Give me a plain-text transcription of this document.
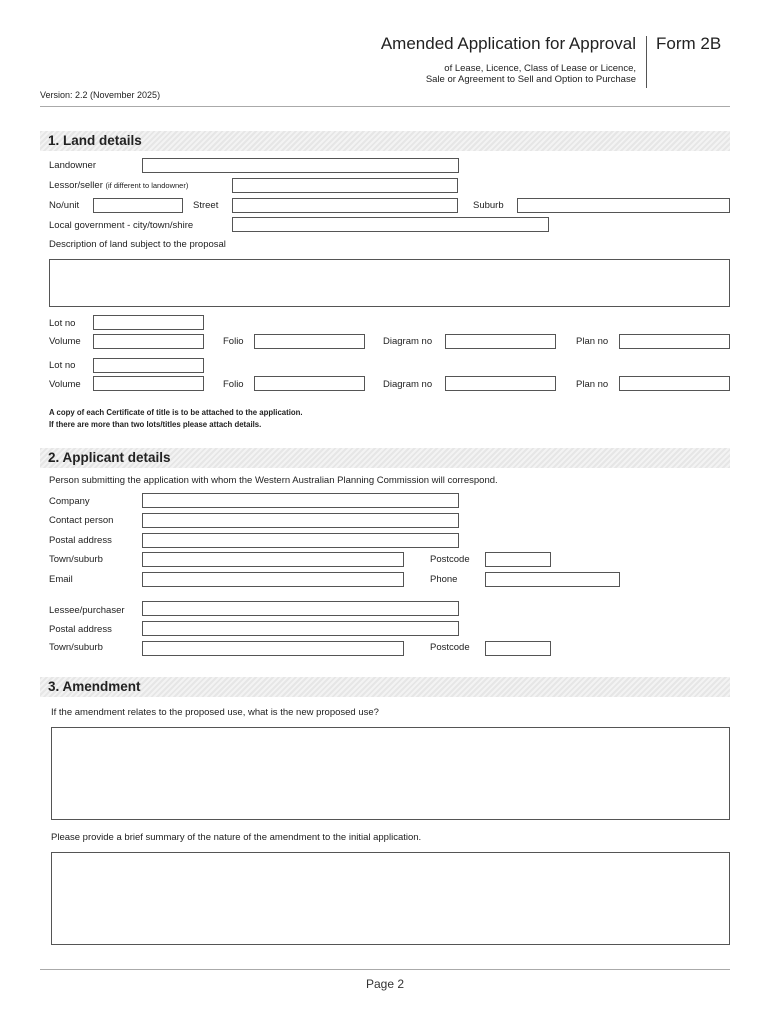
Amended Application for Approval Form 2B
of Lease, Licence, Class of Lease or Licence,
Sale or Agreement to Sell and Option to Purchase
Version: 2.2 (November 2025)
1. Land details
Landowner
Lessor/seller (if different to landowner)
No/unit	Street	Suburb
Local government - city/town/shire
Description of land subject to the proposal
Lot no
Volume	Folio	Diagram no	Plan no
Lot no
Volume	Folio	Diagram no	Plan no
A copy of each Certificate of title is to be attached to the application.
If there are more than two lots/titles please attach details.
2. Applicant details
Person submitting the application with whom the Western Australian Planning Commission will correspond.
Company
Contact person
Postal address
Town/suburb	Postcode
Email	Phone
Lessee/purchaser
Postal address
Town/suburb	Postcode
3. Amendment
If the amendment relates to the proposed use, what is the new proposed use?
Please provide a brief summary of the nature of the amendment to the initial application.
Page 2
